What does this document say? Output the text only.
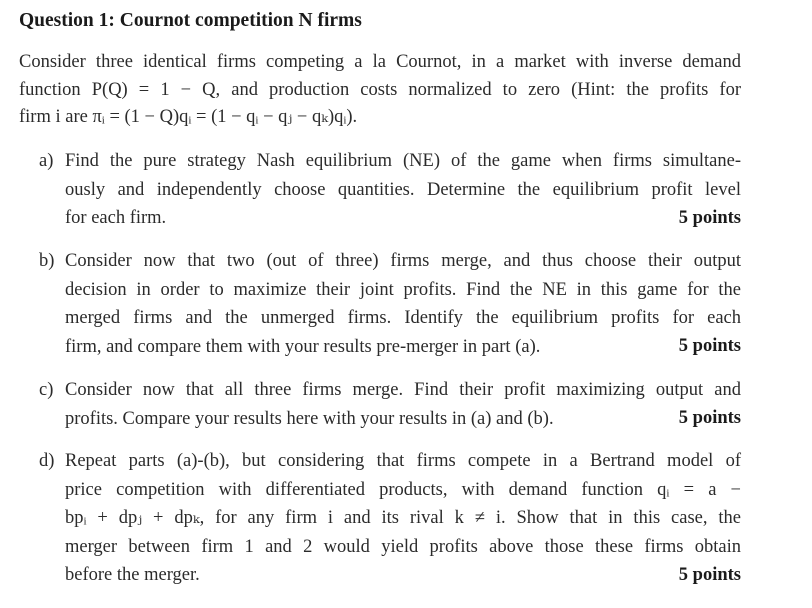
Question 1: Cournot competition N firms
Consider three identical firms competing a la Cournot, in a market with inverse demand
function P(Q) = 1 − Q, and production costs normalized to zero (Hint: the profits for
firm i are πᵢ = (1 − Q)qᵢ = (1 − qᵢ − qⱼ − qₖ)qᵢ).
a) Find the pure strategy Nash equilibrium (NE) of the game when firms simultane-
ously and independently choose quantities. Determine the equilibrium profit level
for each firm.	5 points
b) Consider now that two (out of three) firms merge, and thus choose their output
decision in order to maximize their joint profits. Find the NE in this game for the
merged firms and the unmerged firms. Identify the equilibrium profits for each
firm, and compare them with your results pre-merger in part (a).	5 points
c) Consider now that all three firms merge. Find their profit maximizing output and
profits. Compare your results here with your results in (a) and (b).	5 points
d) Repeat parts (a)-(b), but considering that firms compete in a Bertrand model of
price competition with differentiated products, with demand function qᵢ = a −
bpᵢ + dpⱼ + dpₖ, for any firm i and its rival k ≠ i. Show that in this case, the
merger between firm 1 and 2 would yield profits above those these firms obtain
before the merger.	5 points
